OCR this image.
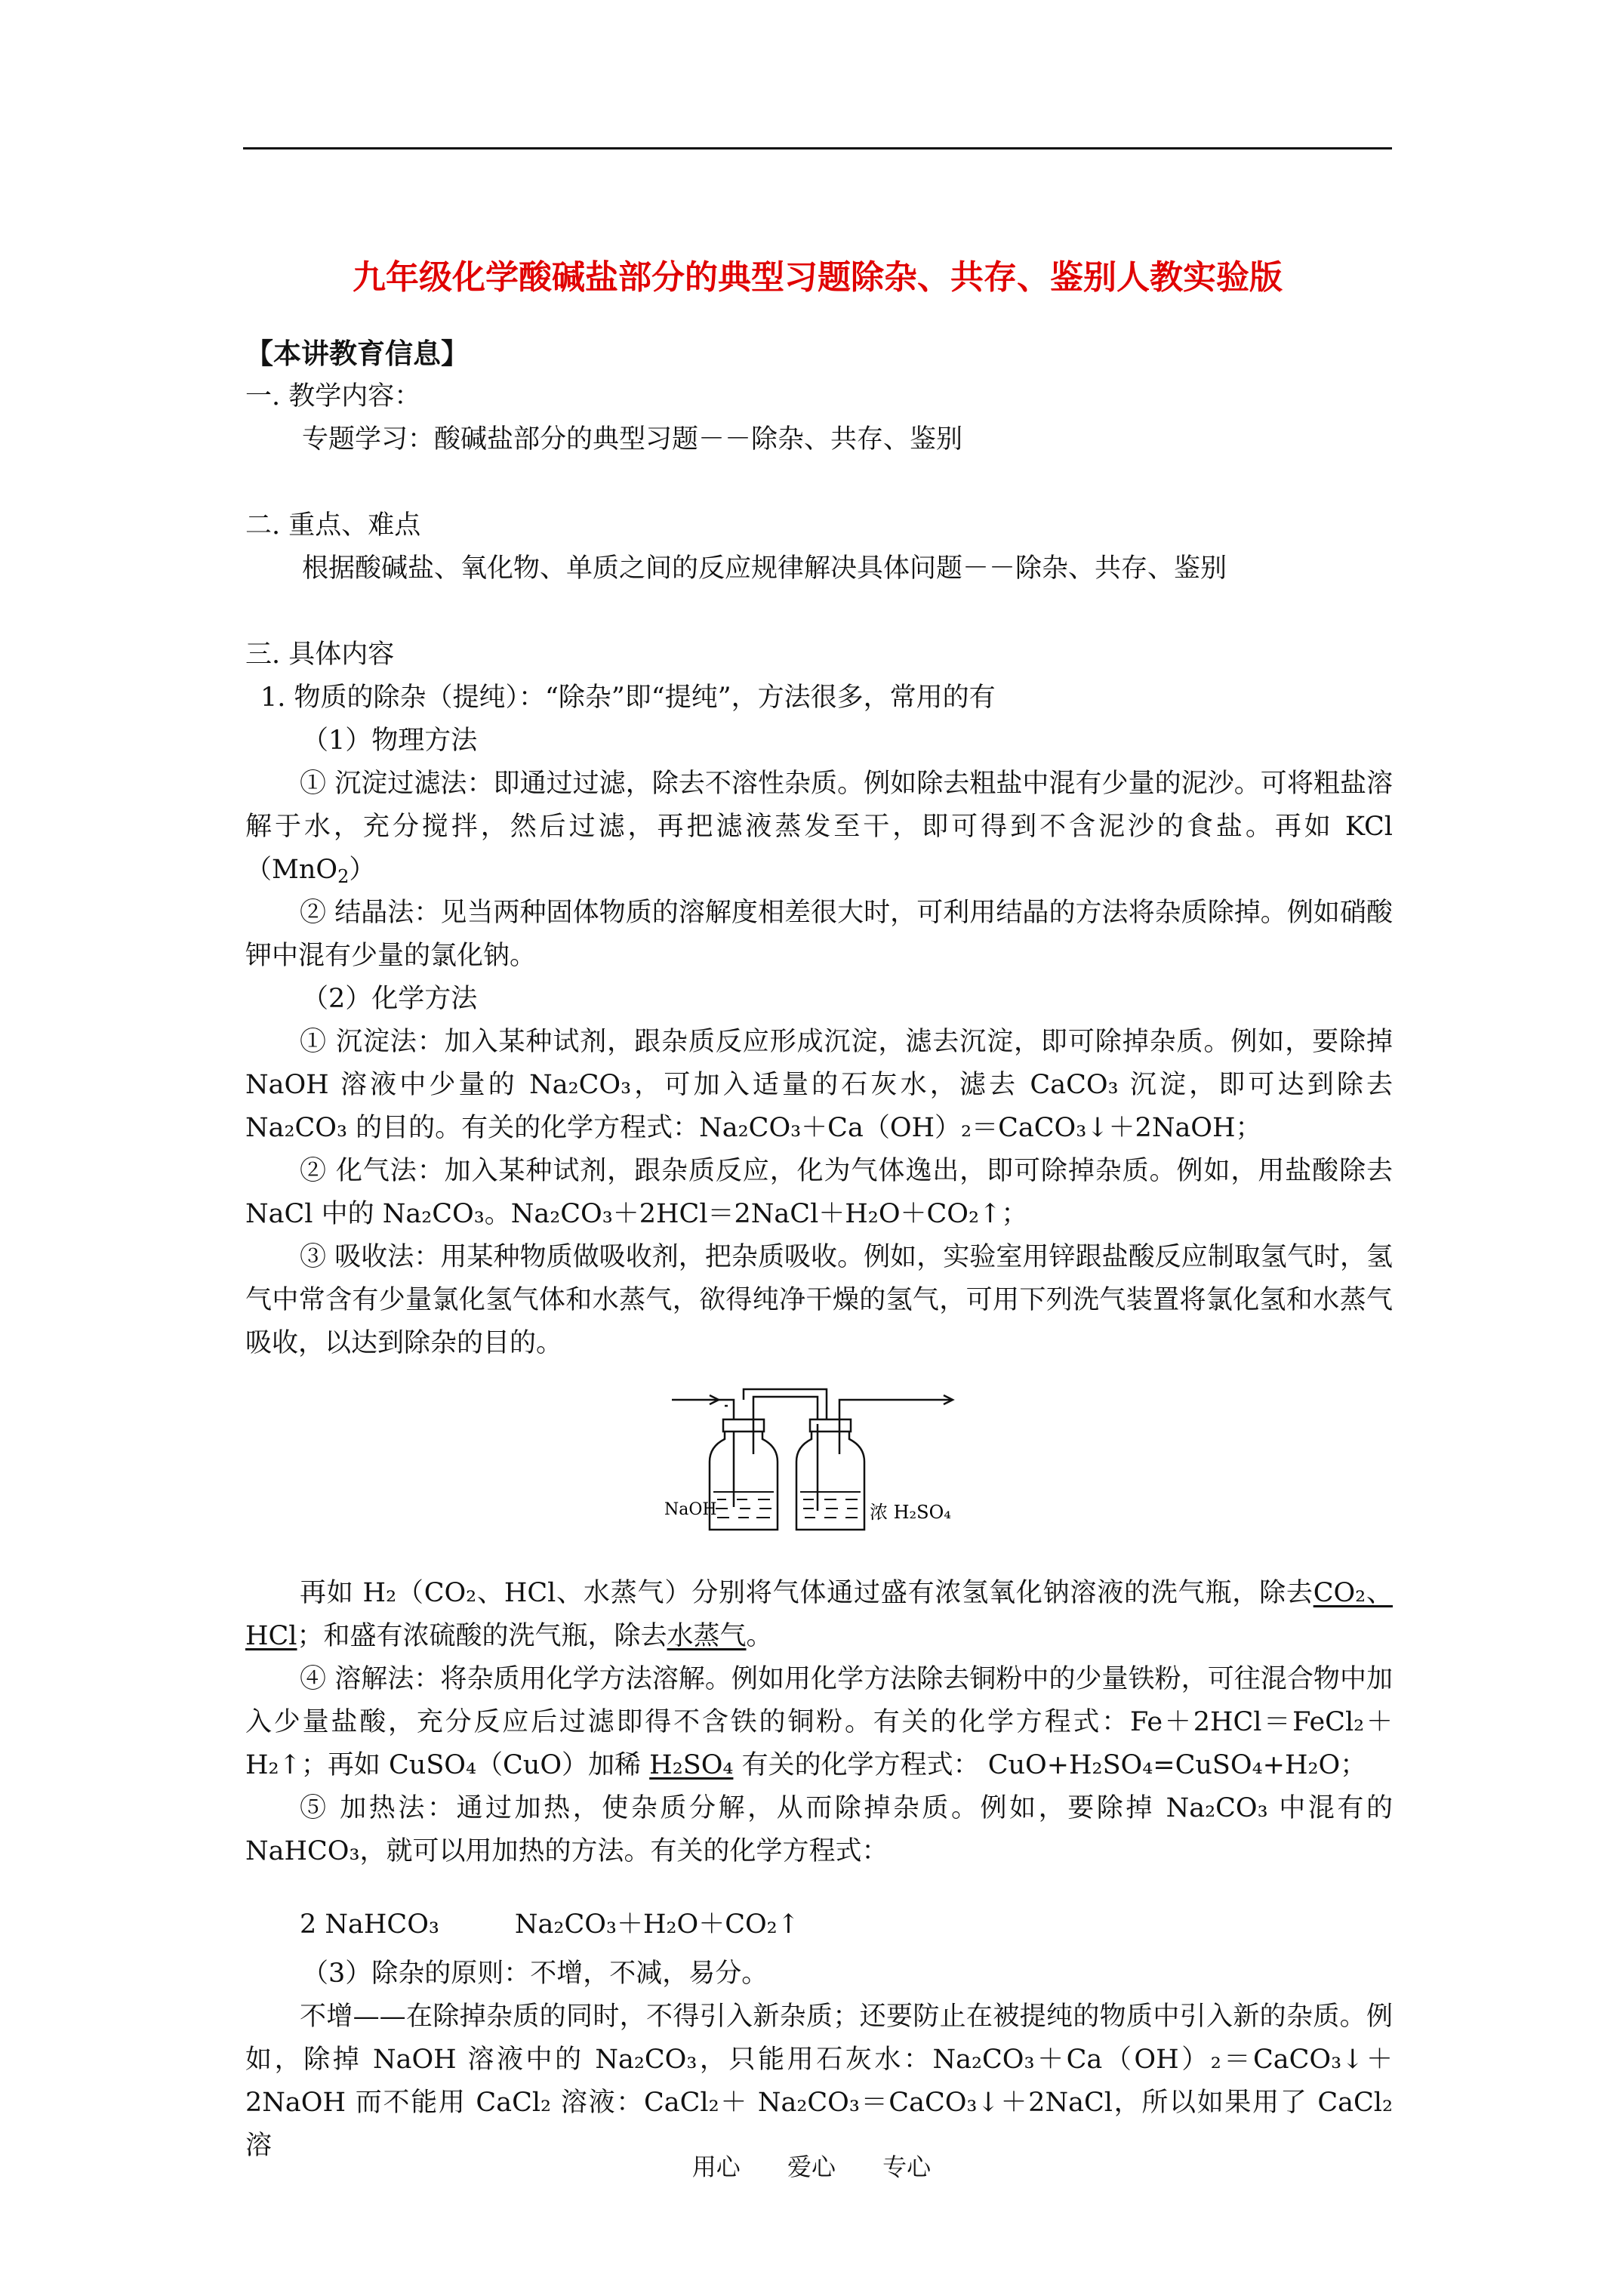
九年级化学酸碱盐部分的典型习题除杂、共存、鉴别人教实验版

【本讲教育信息】

一. 教学内容：

专题学习：酸碱盐部分的典型习题－－除杂、共存、鉴别

二. 重点、难点

根据酸碱盐、氧化物、单质之间的反应规律解决具体问题－－除杂、共存、鉴别

三. 具体内容

1. 物质的除杂（提纯）：“除杂”即“提纯”，方法很多，常用的有

（1）物理方法

① 沉淀过滤法：即通过过滤，除去不溶性杂质。例如除去粗盐中混有少量的泥沙。可将粗盐溶解于水，充分搅拌，然后过滤，再把滤液蒸发至干，即可得到不含泥沙的食盐。再如 KCl（MnO$_2$）

② 结晶法：见当两种固体物质的溶解度相差很大时，可利用结晶的方法将杂质除掉。例如硝酸钾中混有少量的氯化钠。

（2）化学方法

① 沉淀法：加入某种试剂，跟杂质反应形成沉淀，滤去沉淀，即可除掉杂质。例如，要除掉 NaOH 溶液中少量的 Na₂CO₃，可加入适量的石灰水，滤去 CaCO₃ 沉淀，即可达到除去 Na₂CO₃ 的目的。有关的化学方程式：Na₂CO₃＋Ca（OH）₂＝CaCO₃↓＋2NaOH；

② 化气法：加入某种试剂，跟杂质反应，化为气体逸出，即可除掉杂质。例如，用盐酸除去 NaCl 中的 Na₂CO₃。Na₂CO₃＋2HCl＝2NaCl＋H₂O＋CO₂↑；

③ 吸收法：用某种物质做吸收剂，把杂质吸收。例如，实验室用锌跟盐酸反应制取氢气时，氢气中常含有少量氯化氢气体和水蒸气，欲得纯净干燥的氢气，可用下列洗气装置将氯化氢和水蒸气吸收，以达到除杂的目的。

NaOH	浓 H₂SO₄

再如 H₂（CO₂、HCl、水蒸气）分别将气体通过盛有浓氢氧化钠溶液的洗气瓶，除去CO₂、HCl；和盛有浓硫酸的洗气瓶，除去水蒸气。

④ 溶解法：将杂质用化学方法溶解。例如用化学方法除去铜粉中的少量铁粉，可往混合物中加入少量盐酸，充分反应后过滤即得不含铁的铜粉。有关的化学方程式：Fe＋2HCl＝FeCl₂＋H₂↑；再如 CuSO₄（CuO）加稀 H₂SO₄ 有关的化学方程式： CuO+H₂SO₄=CuSO₄+H₂O；

⑤ 加热法：通过加热，使杂质分解，从而除掉杂质。例如，要除掉 Na₂CO₃ 中混有的 NaHCO₃，就可以用加热的方法。有关的化学方程式：

2 NaHCO₃	Na₂CO₃＋H₂O＋CO₂↑

（3）除杂的原则：不增，不减，易分。

不增——在除掉杂质的同时，不得引入新杂质；还要防止在被提纯的物质中引入新的杂质。例如，除掉 NaOH 溶液中的 Na₂CO₃，只能用石灰水：Na₂CO₃＋Ca（OH）₂＝CaCO₃↓＋2NaOH 而不能用 CaCl₂ 溶液：CaCl₂＋ Na₂CO₃＝CaCO₃↓＋2NaCl，所以如果用了 CaCl₂ 溶

用心 爱心 专心
